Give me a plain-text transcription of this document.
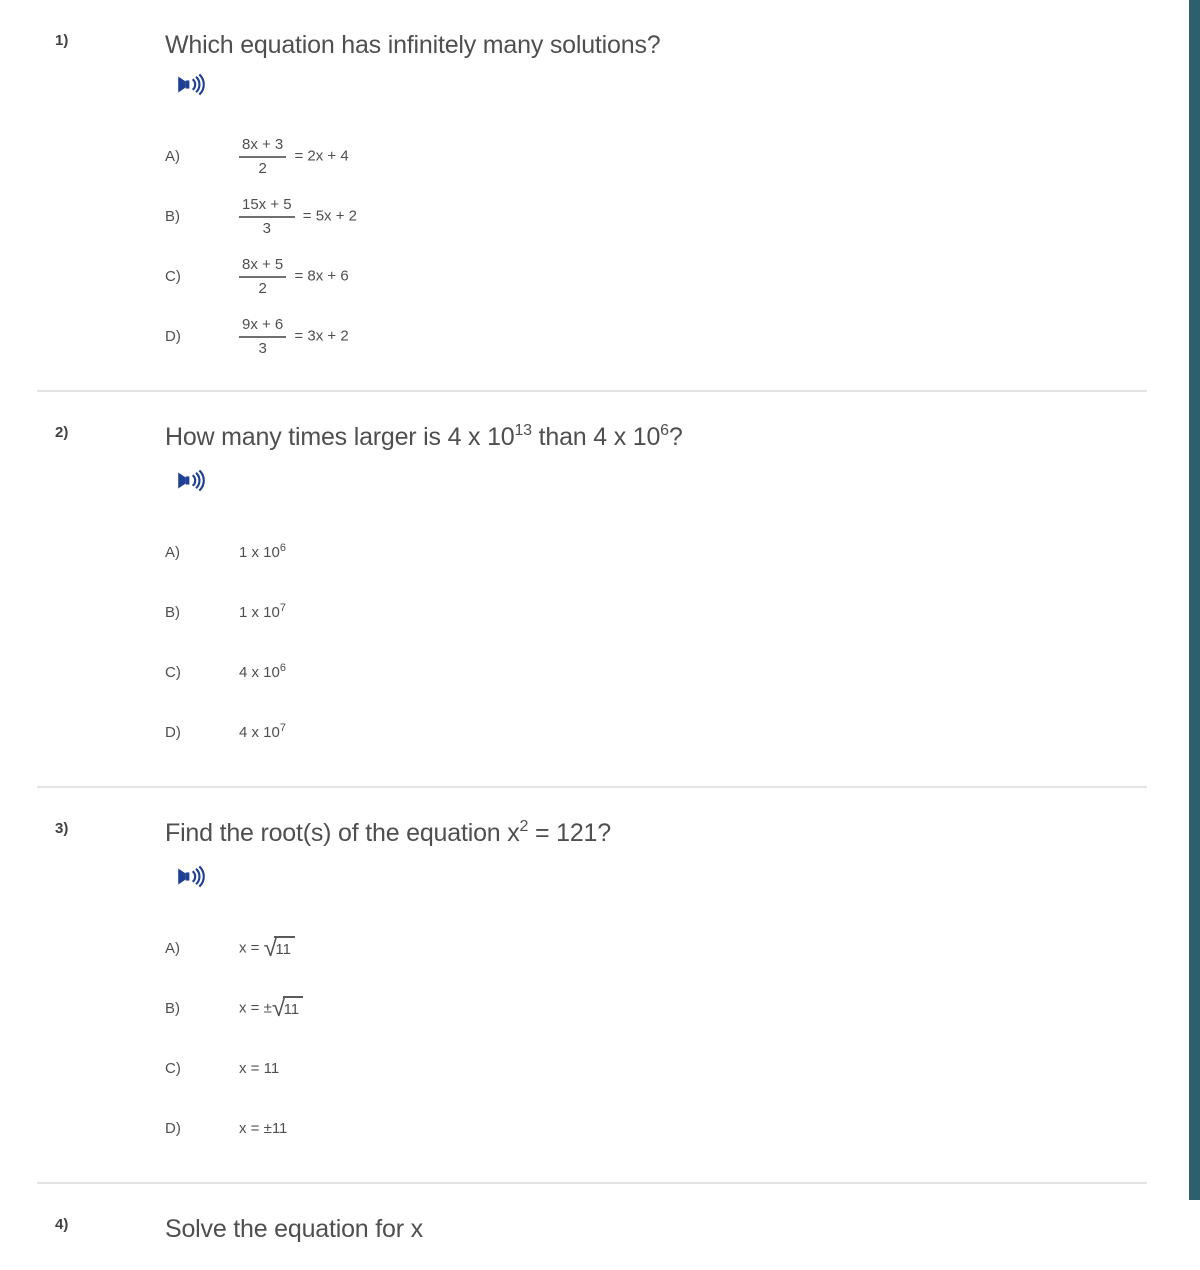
1)	Which equation has infinitely many solutions?
A)	$\frac{8x + 3}{2} = 2x + 4$
B)	$\frac{15x + 5}{3} = 5x + 2$
C)	$\frac{8x + 5}{2} = 8x + 6$
D)	$\frac{9x + 6}{3} = 3x + 2$
2)	How many times larger is 4 x $10^{13}$ than 4 x $10^6$?
A)	1 x $10^6$
B)	1 x $10^7$
C)	4 x $10^6$
D)	4 x $10^7$
3)	Find the root(s) of the equation $x^2 = 121$?
A)	x = √
11
B)	x = ± √
11
C)	x = 11
D)	x = ±11
4)	Solve the equation for x
